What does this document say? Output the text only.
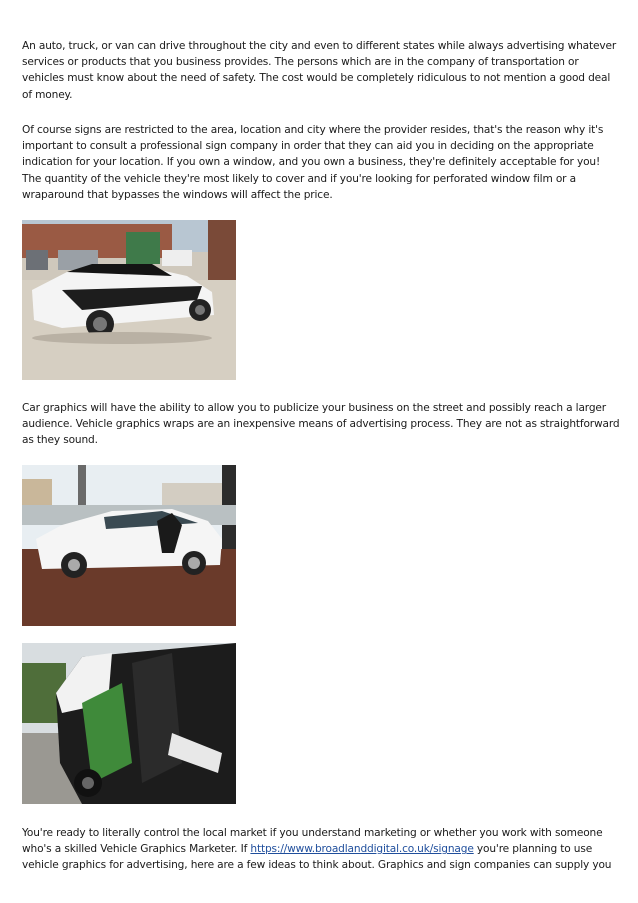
An auto, truck, or van can drive throughout the city and even to different states while always advertising whatever services or products that you business provides. The persons which are in the company of transportation or vehicles must know about the need of safety. The cost would be completely ridiculous to not mention a good deal of money.

Of course signs are restricted to the area, location and city where the provider resides, that's the reason why it's important to consult a professional sign company in order that they can aid you in deciding on the appropriate indication for your location. If you own a window, and you own a business, they're definitely acceptable for you! The quantity of the vehicle they're most likely to cover and if you're looking for perforated window film or a wraparound that bypasses the windows will affect the price.

Car graphics will have the ability to allow you to publicize your business on the street and possibly reach a larger audience. Vehicle graphics wraps are an inexpensive means of advertising process. They are not as straightforward as they sound.

You're ready to literally control the local market if you understand marketing or whether you work with someone who's a skilled Vehicle Graphics Marketer. If https://www.broadlanddigital.co.uk/signage you're planning to use vehicle graphics for advertising, here are a few ideas to think about. Graphics and sign companies can supply you
